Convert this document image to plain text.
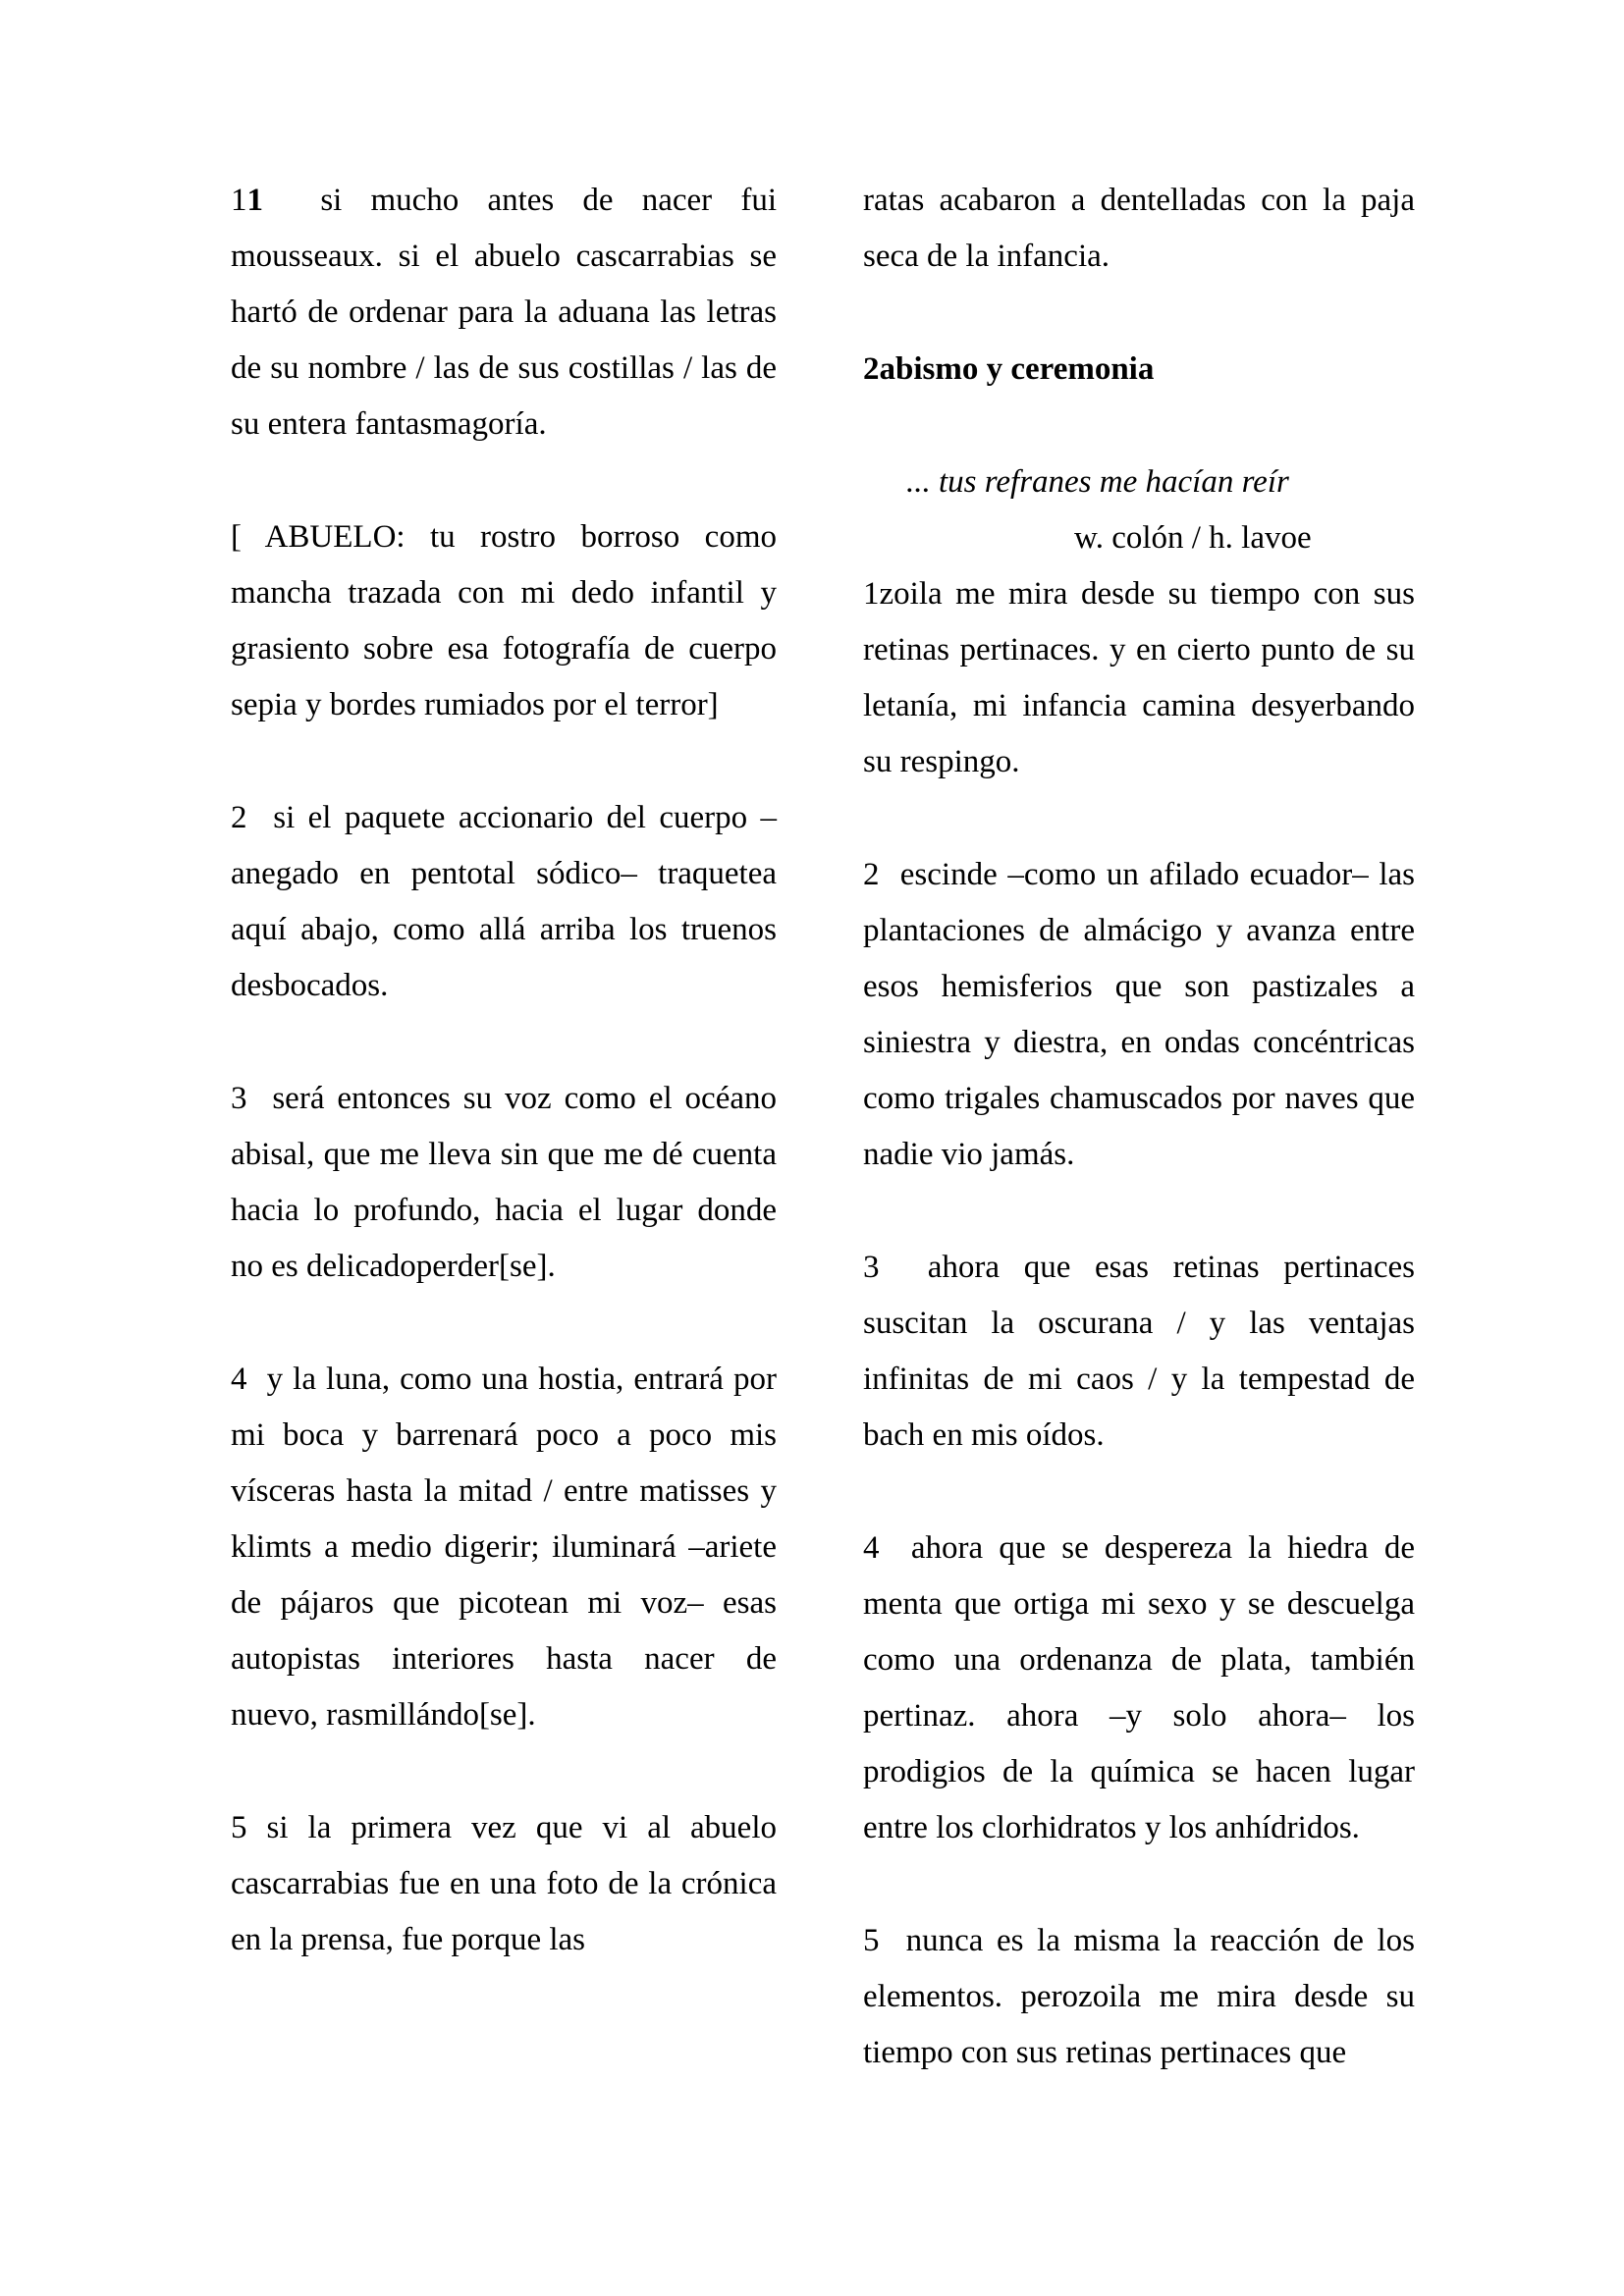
11  si mucho antes de nacer fui mousseaux. si el abuelo cascarrabias se hartó de ordenar para la aduana las letras de su nombre / las de sus costillas / las de su entera fantasmagoría.

[ ABUELO: tu rostro borroso como mancha trazada con mi dedo infantil y grasiento sobre esa fotografía de cuerpo sepia y bordes rumiados por el terror]

2  si el paquete accionario del cuerpo – anegado en pentotal sódico– traquetea aquí abajo, como allá arriba los truenos desbocados.

3  será entonces su voz como el océano abisal, que me lleva sin que me dé cuenta hacia lo profundo, hacia el lugar donde no es delicadoperder[se].

4  y la luna, como una hostia, entrará por mi boca y barrenará poco a poco mis vísceras hasta la mitad / entre matisses y klimts a medio digerir; iluminará –ariete de pájaros que picotean mi voz– esas autopistas interiores hasta nacer de nuevo, rasmillándo[se].

5 si la primera vez que vi al abuelo cascarrabias fue en una foto de la crónica en la prensa, fue porque las

ratas acabaron a dentelladas con la paja seca de la infancia.

2abismo y ceremonia

... tus refranes me hacían reír

w. colón / h. lavoe

1zoila me mira desde su tiempo con sus retinas pertinaces. y en cierto punto de su letanía, mi infancia camina desyerbando su respingo.

2  escinde –como un afilado ecuador– las plantaciones de almácigo y avanza entre esos hemisferios que son pastizales a siniestra y diestra, en ondas concéntricas como trigales chamuscados por naves que nadie vio jamás.

3  ahora que esas retinas pertinaces suscitan la oscurana / y las ventajas infinitas de mi caos / y la tempestad de bach en mis oídos.

4  ahora que se despereza la hiedra de menta que ortiga mi sexo y se descuelga como una ordenanza de plata, también pertinaz. ahora –y solo ahora– los prodigios de la química se hacen lugar entre los clorhidratos y los anhídridos.

5  nunca es la misma la reacción de los elementos. perozoila me mira desde su tiempo con sus retinas pertinaces que
